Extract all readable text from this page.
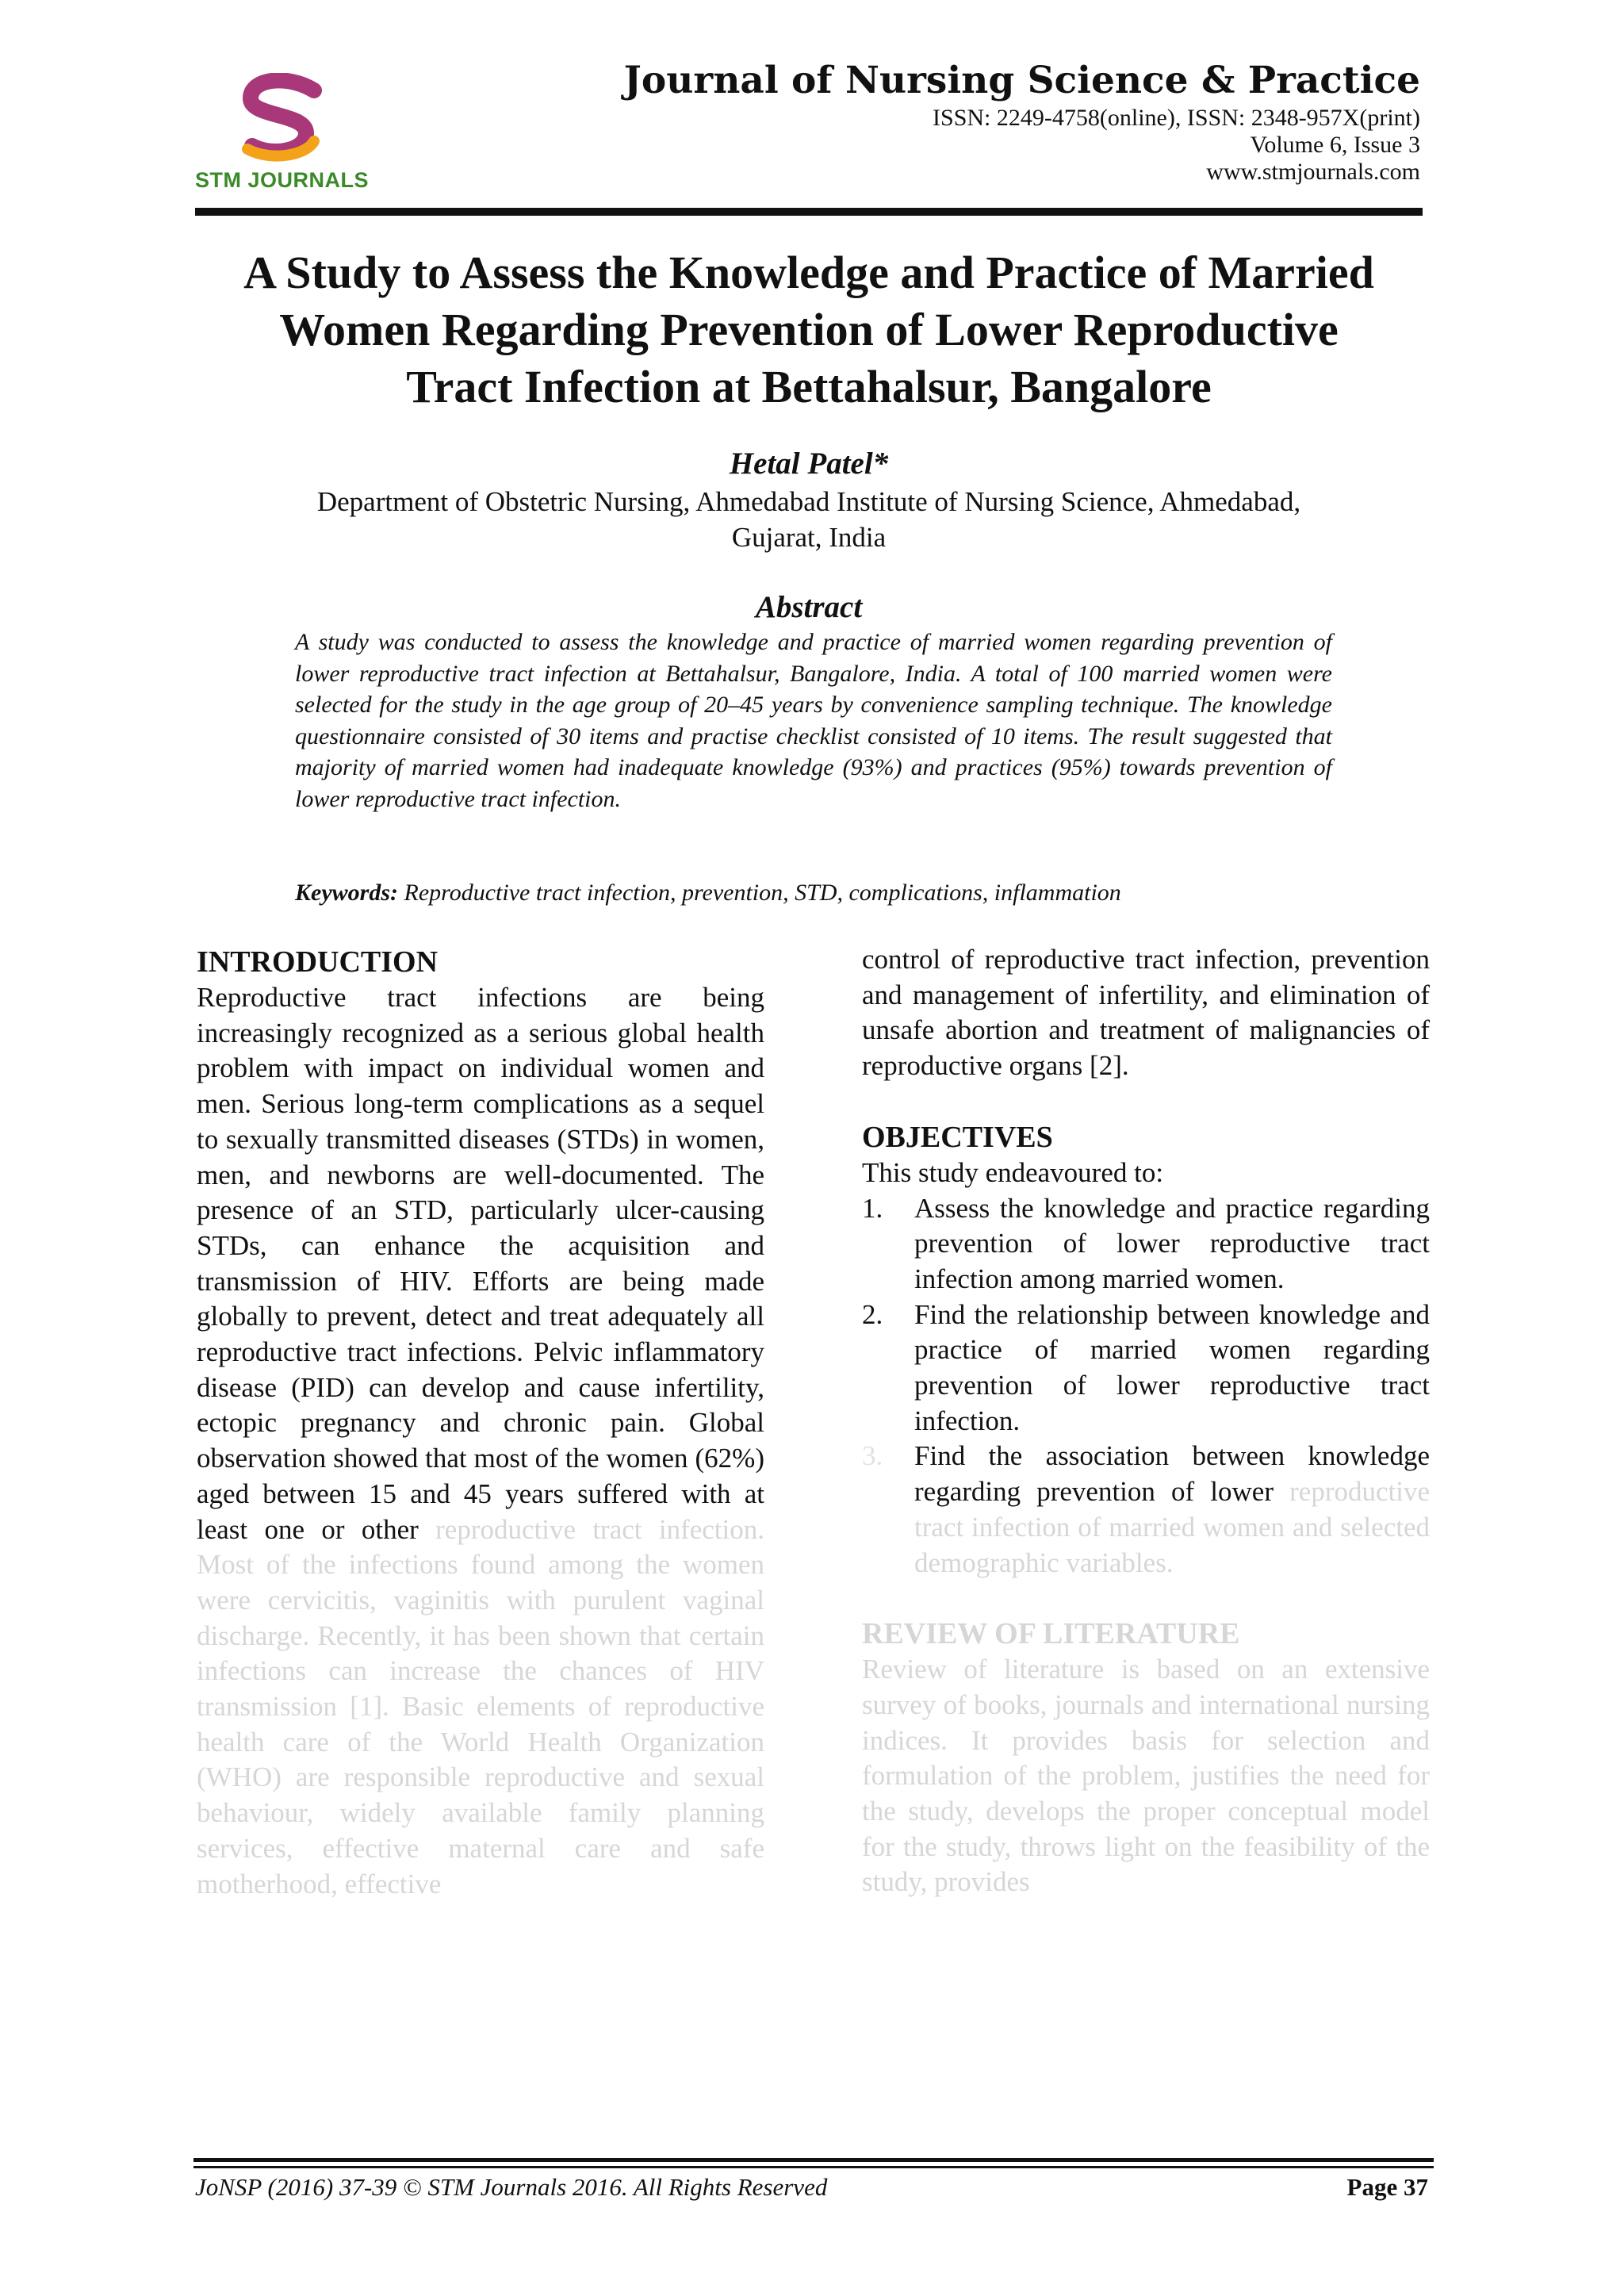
STM JOURNALS
Journal of Nursing Science & Practice
ISSN: 2249-4758(online), ISSN: 2348-957X(print)
Volume 6, Issue 3
www.stmjournals.com
A Study to Assess the Knowledge and Practice of Married
Women Regarding Prevention of Lower Reproductive
Tract Infection at Bettahalsur, Bangalore
Hetal Patel*
Department of Obstetric Nursing, Ahmedabad Institute of Nursing Science, Ahmedabad,
Gujarat, India
Abstract
A study was conducted to assess the knowledge and practice of married women regarding prevention of lower reproductive tract infection at Bettahalsur, Bangalore, India. A total of 100 married women were selected for the study in the age group of 20–45 years by convenience sampling technique. The knowledge questionnaire consisted of 30 items and practise checklist consisted of 10 items. The result suggested that majority of married women had inadequate knowledge (93%) and practices (95%) towards prevention of lower reproductive tract infection.
Keywords: Reproductive tract infection, prevention, STD, complications, inflammation
INTRODUCTION

Reproductive tract infections are being increasingly recognized as a serious global health problem with impact on individual women and men. Serious long-term complications as a sequel to sexually transmitted diseases (STDs) in women, men, and newborns are well-documented. The presence of an STD, particularly ulcer-causing STDs, can enhance the acquisition and transmission of HIV. Efforts are being made globally to prevent, detect and treat adequately all reproductive tract infections. Pelvic inflammatory disease (PID) can develop and cause infertility, ectopic pregnancy and chronic pain. Global observation showed that most of the women (62%) aged between 15 and 45 years suffered with at least one or other reproductive tract infection. Most of the infections found among the women were cervicitis, vaginitis with purulent vaginal discharge. Recently, it has been shown that certain infections can increase the chances of HIV transmission [1]. Basic elements of reproductive health care of the World Health Organization (WHO) are responsible reproductive and sexual behaviour, widely available family planning services, effective maternal care and safe motherhood, effective

control of reproductive tract infection, prevention and management of infertility, and elimination of unsafe abortion and treatment of malignancies of reproductive organs [2].

OBJECTIVES
This study endeavoured to:
1. Assess the knowledge and practice regarding prevention of lower reproductive tract infection among married women.
2. Find the relationship between knowledge and practice of married women regarding prevention of lower reproductive tract infection.
3. Find the association between knowledge regarding prevention of lower reproductive tract infection of married women and selected demographic variables.
REVIEW OF LITERATURE

Review of literature is based on an extensive survey of books, journals and international nursing indices. It provides basis for selection and formulation of the problem, justifies the need for the study, develops the proper conceptual model for the study, throws light on the feasibility of the study, provides

JoNSP (2016) 37-39 © STM Journals 2016. All Rights Reserved	Page 37
